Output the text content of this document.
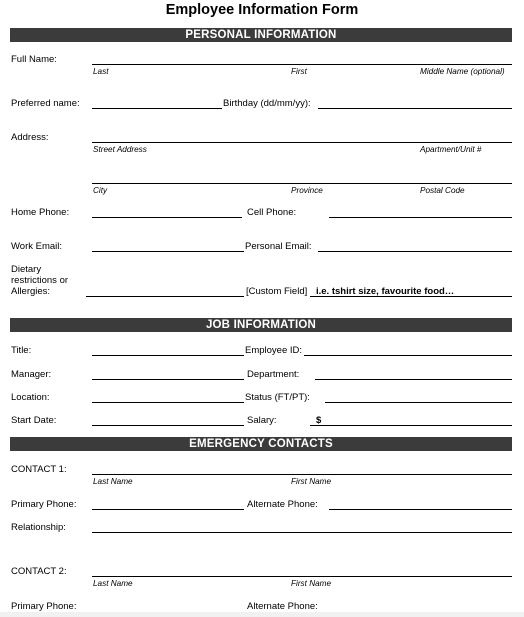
Employee Information Form
PERSONAL INFORMATION
Full Name:
Last	First	Middle Name (optional)
Preferred name:	Birthday (dd/mm/yy):
Address:
Street Address	Apartment/Unit #
City	Province	Postal Code
Home Phone:	Cell Phone:
Work Email:	Personal Email:
Dietary
restrictions or
Allergies:	[Custom Field] i.e. tshirt size, favourite food…
JOB INFORMATION
Title:	Employee ID:
Manager:	Department:
Location:	Status (FT/PT):
Start Date:	Salary:	$
EMERGENCY CONTACTS
CONTACT 1:
Last Name	First Name
Primary Phone:	Alternate Phone:
Relationship:
CONTACT 2:
Last Name	First Name
Primary Phone:	Alternate Phone:
